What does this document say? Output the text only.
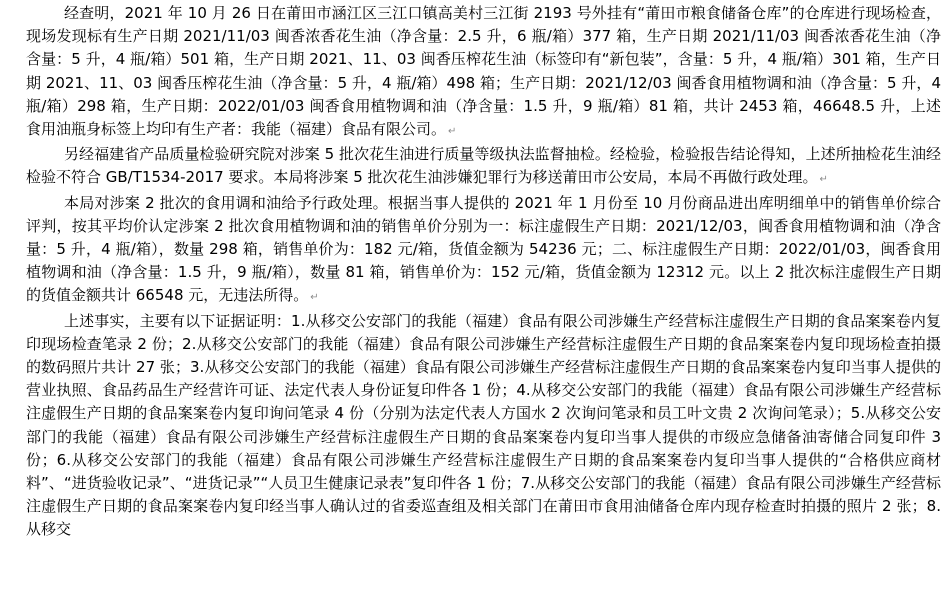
经查明，2021 年 10 月 26 日在莆田市涵江区三江口镇高美村三江街 2193 号外挂有“莆田市粮食储备仓库”的仓库进行现场检查，现场发现标有生产日期 2021/11/03 闽香浓香花生油（净含量：2.5 升，6 瓶/箱）377 箱，生产日期 2021/11/03 闽香浓香花生油（净含量：5 升，4 瓶/箱）501 箱，生产日期 2021、11、03 闽香压榨花生油（标签印有“新包装”，含量：5 升，4 瓶/箱）301 箱，生产日期 2021、11、03 闽香压榨花生油（净含量：5 升，4 瓶/箱）498 箱；生产日期：2021/12/03 闽香食用植物调和油（净含量：5 升，4 瓶/箱）298 箱，生产日期：2022/01/03 闽香食用植物调和油（净含量：1.5 升，9 瓶/箱）81 箱，共计 2453 箱，46648.5 升，上述食用油瓶身标签上均印有生产者：我能（福建）食品有限公司。 ↵

另经福建省产品质量检验研究院对涉案 5 批次花生油进行质量等级执法监督抽检。经检验，检验报告结论得知，上述所抽检花生油经检验不符合 GB/T1534-2017 要求。本局将涉案 5 批次花生油涉嫌犯罪行为移送莆田市公安局，本局不再做行政处理。 ↵

本局对涉案 2 批次的食用调和油给予行政处理。根据当事人提供的 2021 年 1 月份至 10 月份商品进出库明细单中的销售单价综合评判，按其平均价认定涉案 2 批次食用植物调和油的销售单价分别为一：标注虚假生产日期：2021/12/03，闽香食用植物调和油（净含量：5 升，4 瓶/箱），数量 298 箱，销售单价为：182 元/箱，货值金额为 54236 元；二、标注虚假生产日期：2022/01/03，闽香食用植物调和油（净含量：1.5 升，9 瓶/箱），数量 81 箱，销售单价为：152 元/箱，货值金额为 12312 元。以上 2 批次标注虚假生产日期的货值金额共计 66548 元，无违法所得。 ↵

上述事实，主要有以下证据证明：1.从移交公安部门的我能（福建）食品有限公司涉嫌生产经营标注虚假生产日期的食品案案卷内复印现场检查笔录 2 份；2.从移交公安部门的我能（福建）食品有限公司涉嫌生产经营标注虚假生产日期的食品案案卷内复印现场检查拍摄的数码照片共计 27 张；3.从移交公安部门的我能（福建）食品有限公司涉嫌生产经营标注虚假生产日期的食品案案卷内复印当事人提供的营业执照、食品药品生产经营许可证、法定代表人身份证复印件各 1 份；4.从移交公安部门的我能（福建）食品有限公司涉嫌生产经营标注虚假生产日期的食品案案卷内复印询问笔录 4 份（分别为法定代表人方国水 2 次询问笔录和员工叶文贵 2 次询问笔录）；5.从移交公安部门的我能（福建）食品有限公司涉嫌生产经营标注虚假生产日期的食品案案卷内复印当事人提供的市级应急储备油寄储合同复印件 3 份；6.从移交公安部门的我能（福建）食品有限公司涉嫌生产经营标注虚假生产日期的食品案案卷内复印当事人提供的“合格供应商材料”、“进货验收记录”、“进货记录”“人员卫生健康记录表”复印件各 1 份；7.从移交公安部门的我能（福建）食品有限公司涉嫌生产经营标注虚假生产日期的食品案案卷内复印经当事人确认过的省委巡查组及相关部门在莆田市食用油储备仓库内现存检查时拍摄的照片 2 张；8.从移交
